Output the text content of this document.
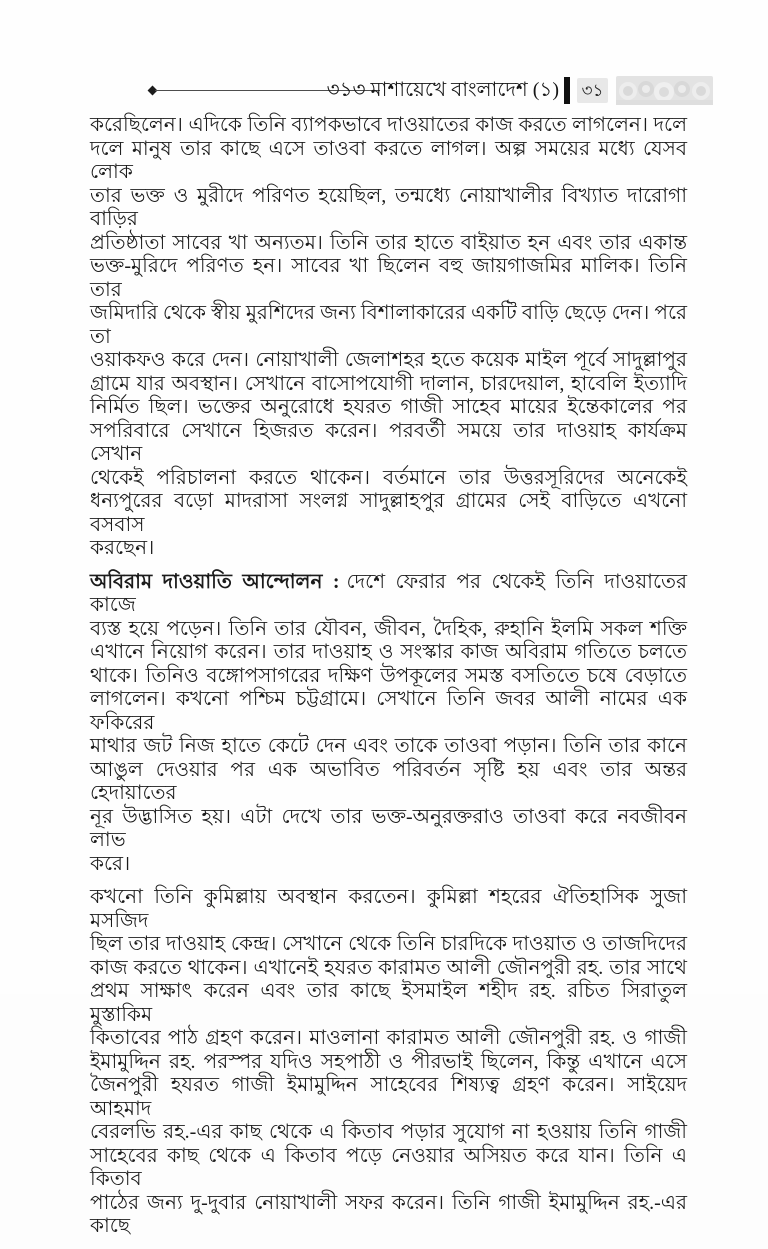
৩১৩ মাশায়েখে বাংলাদেশ (১) ৩১

করেছিলেন। এদিকে তিনি ব্যাপকভাবে দাওয়াতের কাজ করতে লাগলেন। দলে
দলে মানুষ তার কাছে এসে তাওবা করতে লাগল। অল্প সময়ের মধ্যে যেসব লোক
তার ভক্ত ও মুরীদে পরিণত হয়েছিল, তন্মধ্যে নোয়াখালীর বিখ্যাত দারোগা বাড়ির
প্রতিষ্ঠাতা সাবের খা অন্যতম। তিনি তার হাতে বাইয়াত হন এবং তার একান্ত
ভক্ত-মুরিদে পরিণত হন। সাবের খা ছিলেন বহু জায়গাজমির মালিক। তিনি তার
জমিদারি থেকে স্বীয় মুরশিদের জন্য বিশালাকারের একটি বাড়ি ছেড়ে দেন। পরে তা
ওয়াকফও করে দেন। নোয়াখালী জেলাশহর হতে কয়েক মাইল পূর্বে সাদুল্লাপুর
গ্রামে যার অবস্থান। সেখানে বাসোপযোগী দালান, চারদেয়াল, হাবেলি ইত্যাদি
নির্মিত ছিল। ভক্তের অনুরোধে হযরত গাজী সাহেব মায়ের ইন্তেকালের পর
সপরিবারে সেখানে হিজরত করেন। পরবর্তী সময়ে তার দাওয়াহ কার্যক্রম সেখান
থেকেই পরিচালনা করতে থাকেন। বর্তমানে তার উত্তরসূরিদের অনেকেই
ধন্যপুরের বড়ো মাদরাসা সংলগ্ন সাদুল্লাহপুর গ্রামের সেই বাড়িতে এখনো বসবাস
করছেন।

অবিরাম দাওয়াতি আন্দোলন : দেশে ফেরার পর থেকেই তিনি দাওয়াতের কাজে
ব্যস্ত হয়ে পড়েন। তিনি তার যৌবন, জীবন, দৈহিক, রুহানি ইলমি সকল শক্তি
এখানে নিয়োগ করেন। তার দাওয়াহ ও সংস্কার কাজ অবিরাম গতিতে চলতে
থাকে। তিনিও বঙ্গোপসাগরের দক্ষিণ উপকূলের সমস্ত বসতিতে চষে বেড়াতে
লাগলেন। কখনো পশ্চিম চট্টগ্রামে। সেখানে তিনি জবর আলী নামের এক ফকিরের
মাথার জট নিজ হাতে কেটে দেন এবং তাকে তাওবা পড়ান। তিনি তার কানে
আঙুল দেওয়ার পর এক অভাবিত পরিবর্তন সৃষ্টি হয় এবং তার অন্তর হেদায়াতের
নূর উদ্ভাসিত হয়। এটা দেখে তার ভক্ত-অনুরক্তরাও তাওবা করে নবজীবন লাভ
করে।

কখনো তিনি কুমিল্লায় অবস্থান করতেন। কুমিল্লা শহরের ঐতিহাসিক সুজা মসজিদ
ছিল তার দাওয়াহ কেন্দ্র। সেখানে থেকে তিনি চারদিকে দাওয়াত ও তাজদিদের
কাজ করতে থাকেন। এখানেই হযরত কারামত আলী জৌনপুরী রহ. তার সাথে
প্রথম সাক্ষাৎ করেন এবং তার কাছে ইসমাইল শহীদ রহ. রচিত সিরাতুল মুস্তাকিম
কিতাবের পাঠ গ্রহণ করেন। মাওলানা কারামত আলী জৌনপুরী রহ. ও গাজী
ইমামুদ্দিন রহ. পরস্পর যদিও সহপাঠী ও পীরভাই ছিলেন, কিন্তু এখানে এসে
জৈনপুরী হযরত গাজী ইমামুদ্দিন সাহেবের শিষ্যত্ব গ্রহণ করেন। সাইয়েদ আহমাদ
বেরলভি রহ.-এর কাছ থেকে এ কিতাব পড়ার সুযোগ না হওয়ায় তিনি গাজী
সাহেবের কাছ থেকে এ কিতাব পড়ে নেওয়ার অসিয়ত করে যান। তিনি এ কিতাব
পাঠের জন্য দু-দুবার নোয়াখালী সফর করেন। তিনি গাজী ইমামুদ্দিন রহ.-এর কাছে
